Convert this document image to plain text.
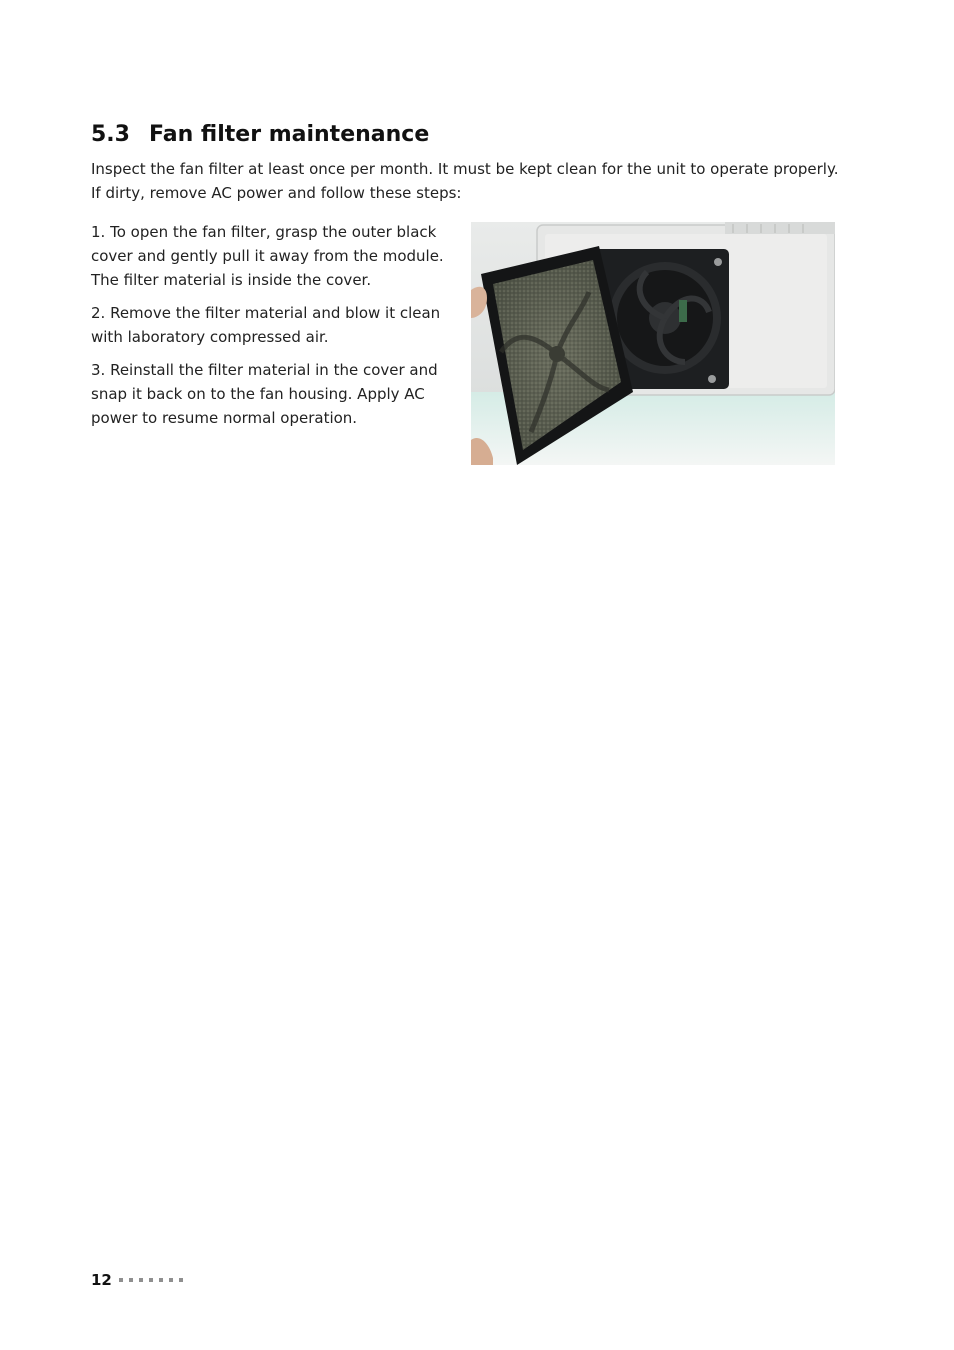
5.3 Fan filter maintenance

Inspect the fan filter at least once per month. It must be kept clean for the unit to operate properly. If dirty, remove AC power and follow these steps:

1. To open the fan filter, grasp the outer black cover and gently pull it away from the module. The filter material is inside the cover.
2. Remove the filter material and blow it clean with laboratory compressed air.
3. Reinstall the filter material in the cover and snap it back on to the fan housing. Apply AC power to resume normal operation.
12
